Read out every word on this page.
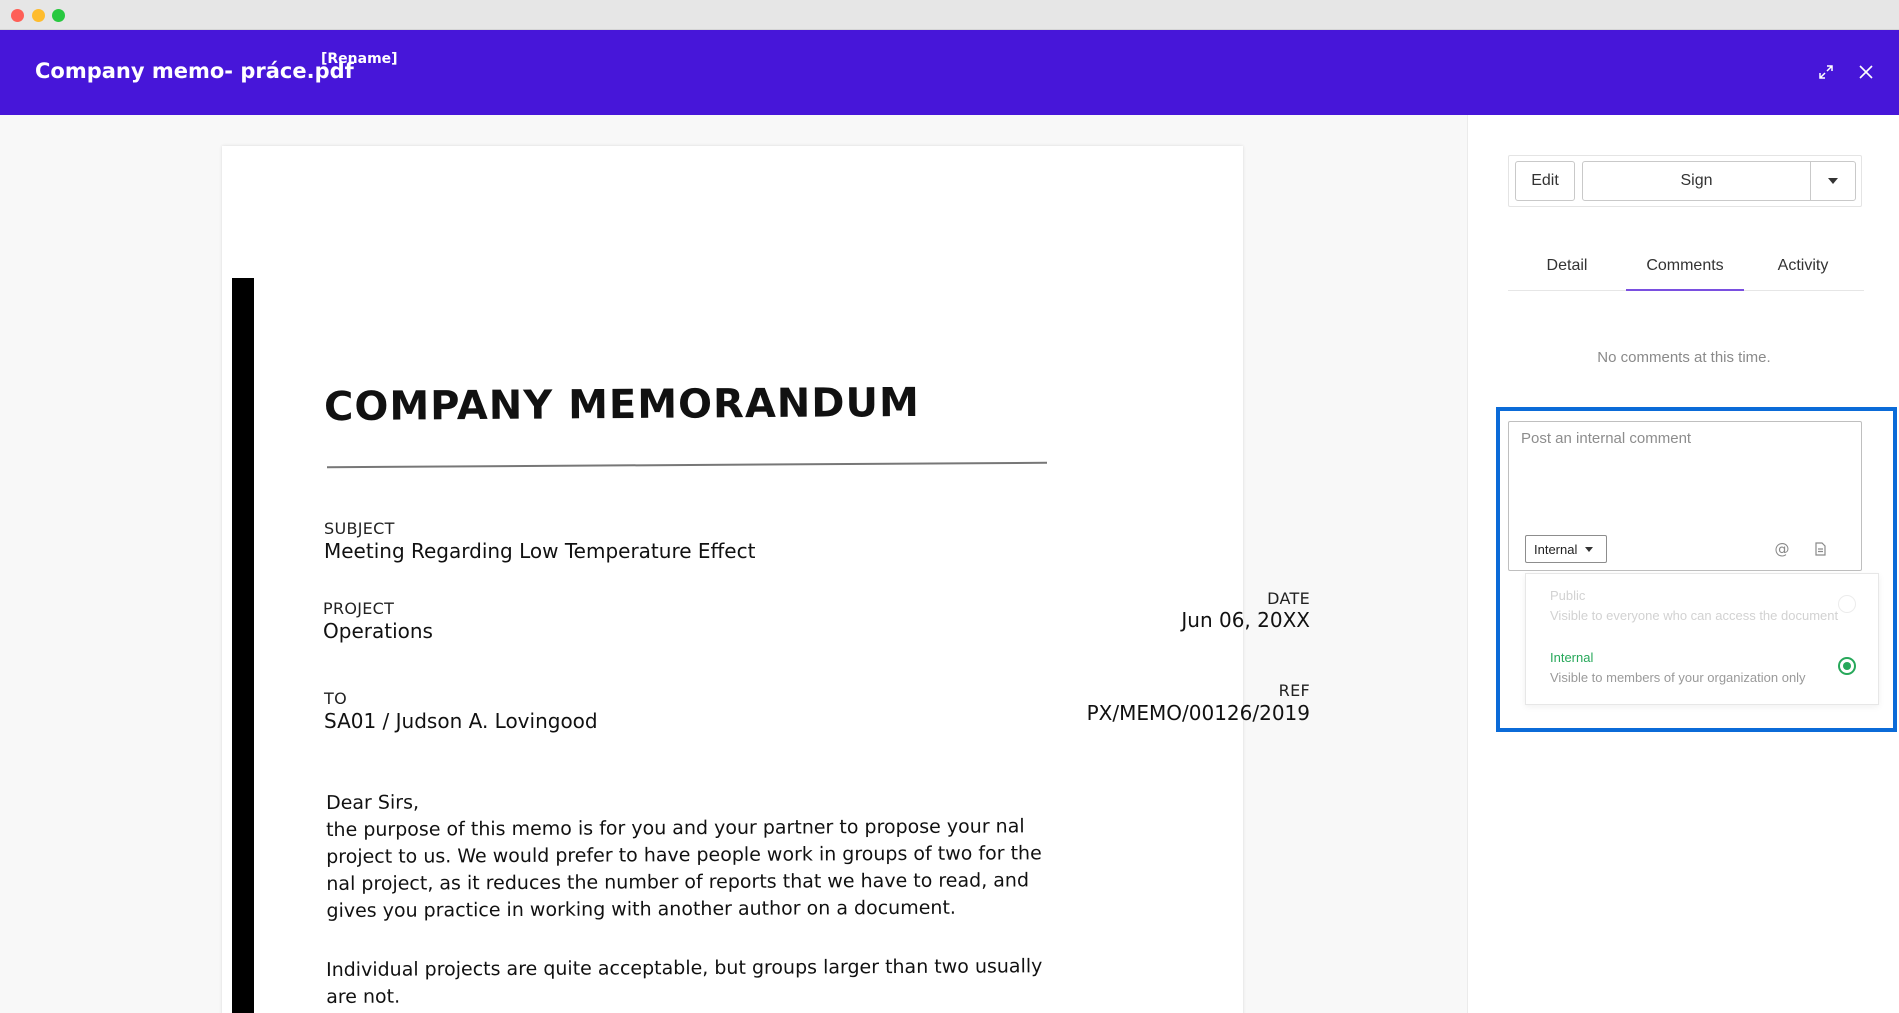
Company memo- práce.pdf
[Rename]
COMPANY MEMORANDUM
SUBJECT
Meeting Regarding Low Temperature Effect
PROJECT
Operations
DATE
Jun 06, 20XX
TO
SA01 / Judson A. Lovingood
REF
PX/MEMO/00126/2019
Dear Sirs,
the purpose of this memo is for you and your partner to propose your nal project to us. We would prefer to have people work in groups of two for the nal project, as it reduces the number of reports that we have to read, and gives you practice in working with another author on a document.
Individual projects are quite acceptable, but groups larger than two usually are not.
Edit	Sign
Detail	Comments	Activity
No comments at this time.
Post an internal comment
Internal	@
Public
Visible to everyone who can access the document
Internal
Visible to members of your organization only
